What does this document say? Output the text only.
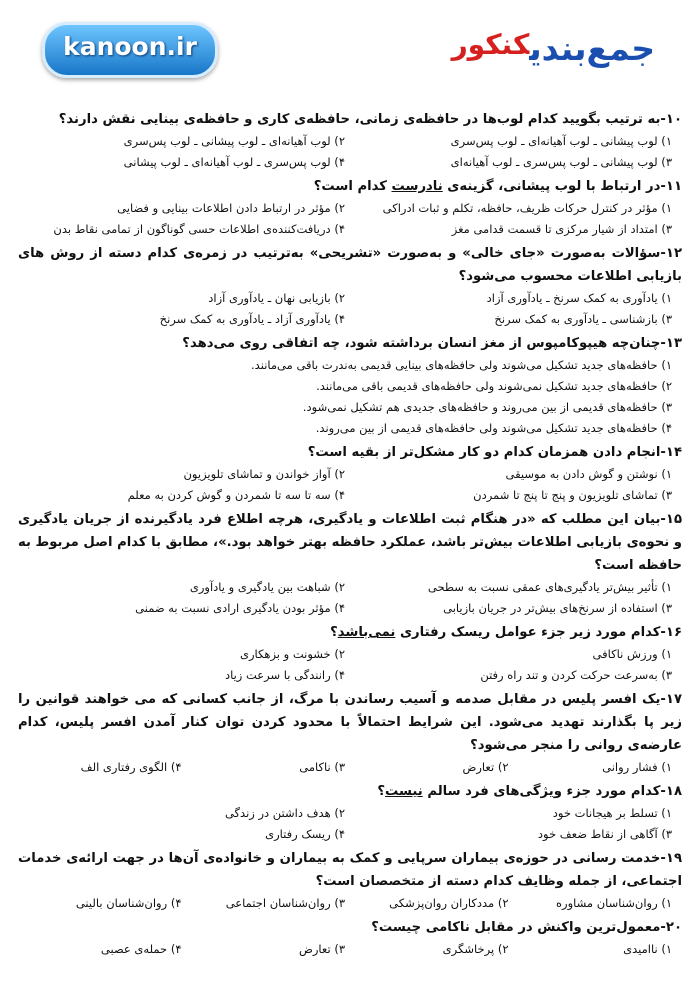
kanoon.ir	جمع‌بندیکنکور
۱۰-به ترتیب بگویید کدام لوب‌ها در حافظه‌ی زمانی، حافظه‌ی کاری و حافظه‌ی بینایی نقش دارند؟
۱) لوب پیشانی ـ لوب آهیانه‌ای ـ لوب پس‌سری
۲) لوب آهیانه‌ای ـ لوب پیشانی ـ لوب پس‌سری
۳) لوب پیشانی ـ لوب پس‌سری ـ لوب آهیانه‌ای
۴) لوب پس‌سری ـ لوب آهیانه‌ای ـ لوب پیشانی
۱۱-در ارتباط با لوب پیشانی، گزینه‌ی نادرست کدام است؟
۱) مؤثر در کنترل حرکات ظریف، حافظه، تکلم و ثبات ادراکی
۲) مؤثر در ارتباط دادن اطلاعات بینایی و فضایی
۳) امتداد از شیار مرکزی تا قسمت قدامی مغز
۴) دریافت‌کننده‌ی اطلاعات حسی گوناگون از تمامی نقاط بدن
۱۲-سؤالات به‌صورت «جای خالی» و به‌صورت «تشریحی» به‌ترتیب در زمره‌ی کدام دسته از روش های بازیابی اطلاعات محسوب می‌شود؟
۱) یادآوری به کمک سرنخ ـ یادآوری آزاد
۲) بازیابی نهان ـ یادآوری آزاد
۳) بازشناسی ـ یادآوری به کمک سرنخ
۴) یادآوری آزاد ـ یادآوری به کمک سرنخ
۱۳-چنان‌چه هیپوکامپوس از مغز انسان برداشته شود، چه اتفاقی روی می‌دهد؟
۱) حافظه‌های جدید تشکیل می‌شوند ولی حافظه‌های بینایی قدیمی به‌ندرت باقی می‌مانند.
۲) حافظه‌های جدید تشکیل نمی‌شوند ولی حافظه‌های قدیمی باقی می‌مانند.
۳) حافظه‌های قدیمی از بین می‌روند و حافظه‌های جدیدی هم تشکیل نمی‌شود.
۴) حافظه‌های جدید تشکیل می‌شوند ولی حافظه‌های قدیمی از بین می‌روند.
۱۴-انجام دادن همزمان کدام دو کار مشکل‌تر از بقیه است؟
۱) نوشتن و گوش دادن به موسیقی
۲) آواز خواندن و تماشای تلویزیون
۳) تماشای تلویزیون و پنج تا پنج تا شمردن
۴) سه تا سه تا شمردن و گوش کردن به معلم
۱۵-بیان این مطلب که «در هنگام ثبت اطلاعات و یادگیری، هرچه اطلاع فرد یادگیرنده از جریان یادگیری و نحوه‌ی بازیابی اطلاعات بیش‌تر باشد، عملکرد حافظه بهتر خواهد بود.»، مطابق با کدام اصل مربوط به حافظه است؟
۱) تأثیر بیش‌تر یادگیری‌های عمقی نسبت به سطحی
۲) شباهت بین یادگیری و یادآوری
۳) استفاده از سرنخ‌های بیش‌تر در جریان بازیابی
۴) مؤثر بودن یادگیری ارادی نسبت به ضمنی
۱۶-کدام مورد زیر جزء عوامل ریسک رفتاری نمی‌باشد؟
۱) ورزش ناکافی
۲) خشونت و بزهکاری
۳) به‌سرعت حرکت کردن و تند راه رفتن
۴) رانندگی با سرعت زیاد
۱۷-یک افسر پلیس در مقابل صدمه و آسیب رساندن با مرگ، از جانب کسانی که می خواهند قوانین را زیر پا بگذارند تهدید می‌شود. این شرایط احتمالاً با محدود کردن توان کنار آمدن افسر پلیس، کدام عارضه‌ی روانی را منجر می‌شود؟
۱) فشار روانی
۲) تعارض
۳) ناکامی
۴) الگوی رفتاری الف
۱۸-کدام مورد جزء ویژگی‌های فرد سالم نیست؟
۱) تسلط بر هیجانات خود
۲) هدف داشتن در زندگی
۳) آگاهی از نقاط ضعف خود
۴) ریسک رفتاری
۱۹-خدمت رسانی در حوزه‌ی بیماران سرپایی و کمک به بیماران و خانواده‌ی آن‌ها در جهت ارائه‌ی خدمات اجتماعی، از جمله وظایف کدام دسته از متخصصان است؟
۱) روان‌شناسان مشاوره
۲) مددکاران روان‌پزشکی
۳) روان‌شناسان اجتماعی
۴) روان‌شناسان بالینی
۲۰-معمول‌ترین واکنش در مقابل ناکامی چیست؟
۱) ناامیدی
۲) پرخاشگری
۳) تعارض
۴) حمله‌ی عصبی
